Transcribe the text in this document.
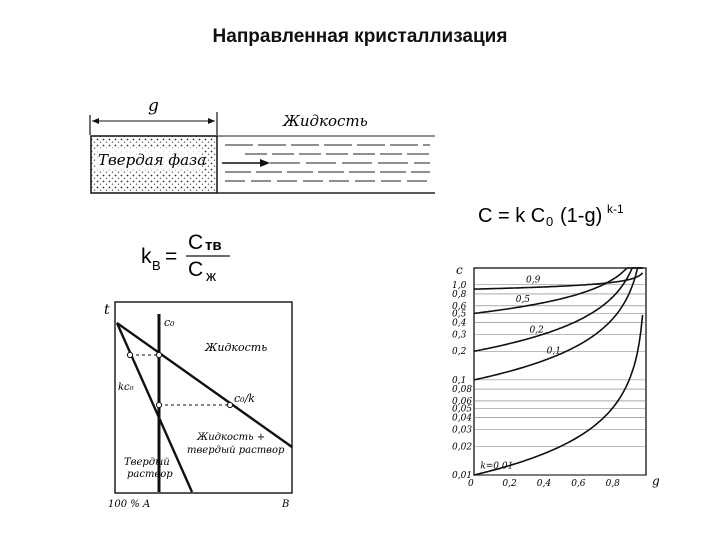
Направленная кристаллизация
g
Твердая фаза
Жидкость
k В =
C тв
C ж
C = k C 0 (1-g) k-1
t
100 % A	B
c₀
Жидкость
kc₀
c₀/k
Жидкость +
твердый раствор
Твердый
раствор
c
g
1,0
0,8
0,6
0,5
0,4
0,3
0,2
0,1
0,08
0,06
0,05
0,04
0,03
0,02
0,01
0	0,2 0,4 0,6 0,8
0,9
0,5
0,2
0,1
k=0,01
